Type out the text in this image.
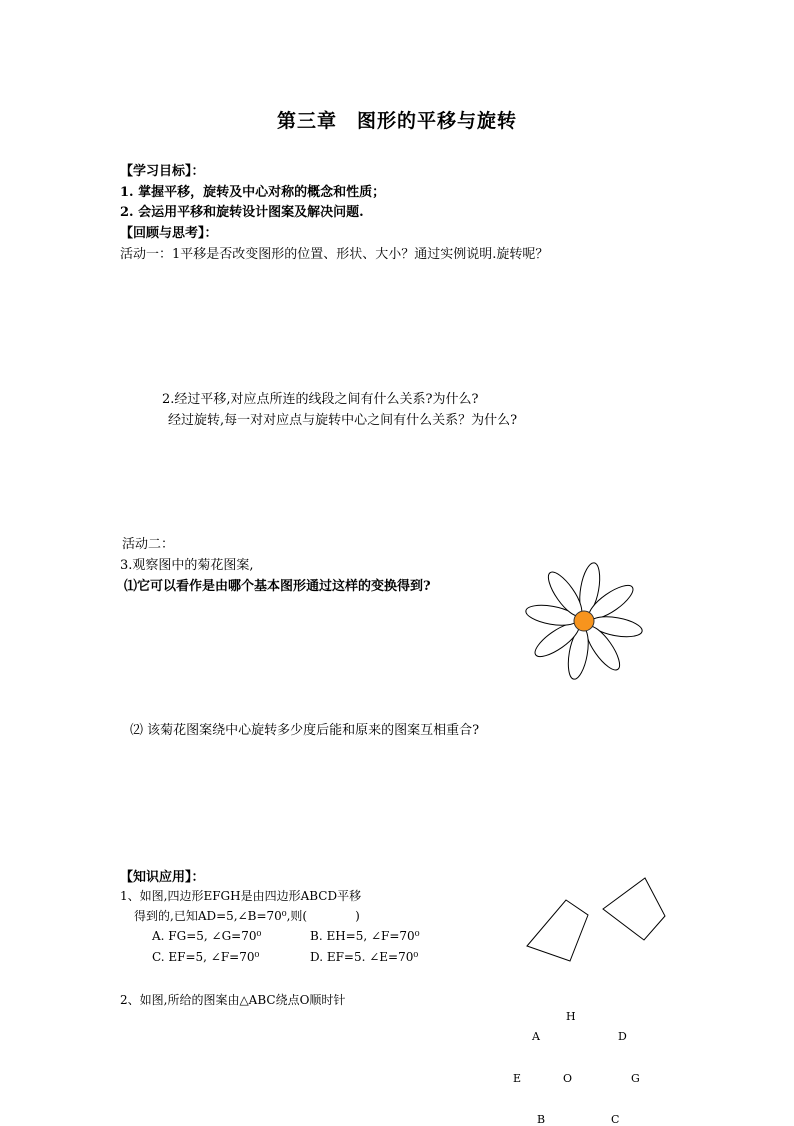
第三章　图形的平移与旋转
【学习目标】：
1. 掌握平移，旋转及中心对称的概念和性质；
2. 会运用平移和旋转设计图案及解决问题.
【回顾与思考】：
活动一：1平移是否改变图形的位置、形状、大小？通过实例说明.旋转呢？
2.经过平移,对应点所连的线段之间有什么关系?为什么?
经过旋转,每一对对应点与旋转中心之间有什么关系？为什么?
活动二：
3.观察图中的菊花图案,
⑴它可以看作是由哪个基本图形通过这样的变换得到?
⑵ 该菊花图案绕中心旋转多少度后能和原来的图案互相重合?
【知识应用】：
1、如图,四边形EFGH是由四边形ABCD平移
得到的,已知AD=5,∠B=70⁰,则(　　　　)
A. FG=5, ∠G=70⁰	B. EH=5, ∠F=70⁰
C. EF=5, ∠F=70⁰	D. EF=5. ∠E=70⁰
2、如图,所给的图案由△ABC绕点O顺时针
H
A	D
E	O	G
B	C
